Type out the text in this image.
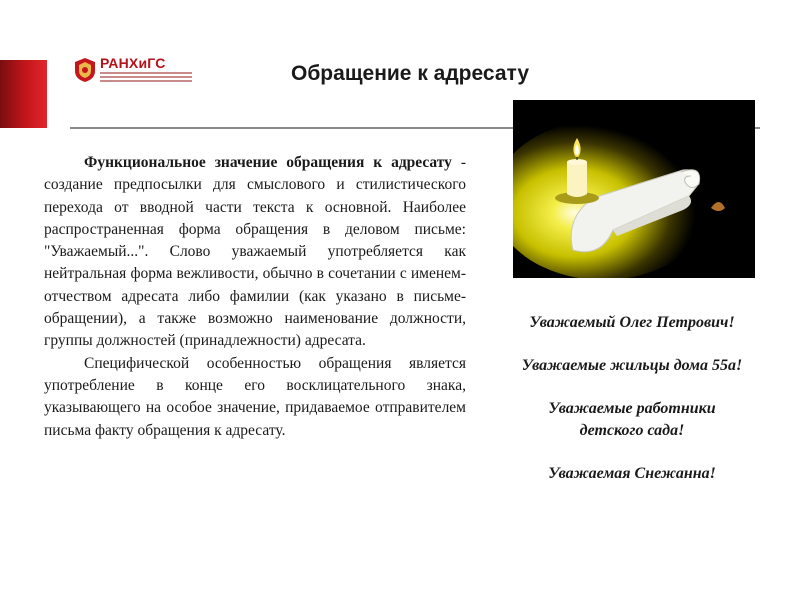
РАНХиГС	Обращение к адресату

Функциональное значение обращения к адресату - создание предпосылки для смыслового и стилистического перехода от вводной части текста к основной. Наиболее распространенная форма обращения в деловом письме: "Уважаемый...". Слово уважаемый употребляется как нейтральная форма вежливости, обычно в сочетании с именем-отчеством адресата либо фамилии (как указано в письме-обращении), а также возможно наименование должности, группы должностей (принадлежности) адресата.

Специфической особенностью обращения является употребление в конце его восклицательного знака, указывающего на особое значение, придаваемое отправителем письма факту обращения к адресату.

Уважаемый Олег Петрович!
Уважаемые жильцы дома 55а!
Уважаемые работники детского сада!
Уважаемая Снежанна!
